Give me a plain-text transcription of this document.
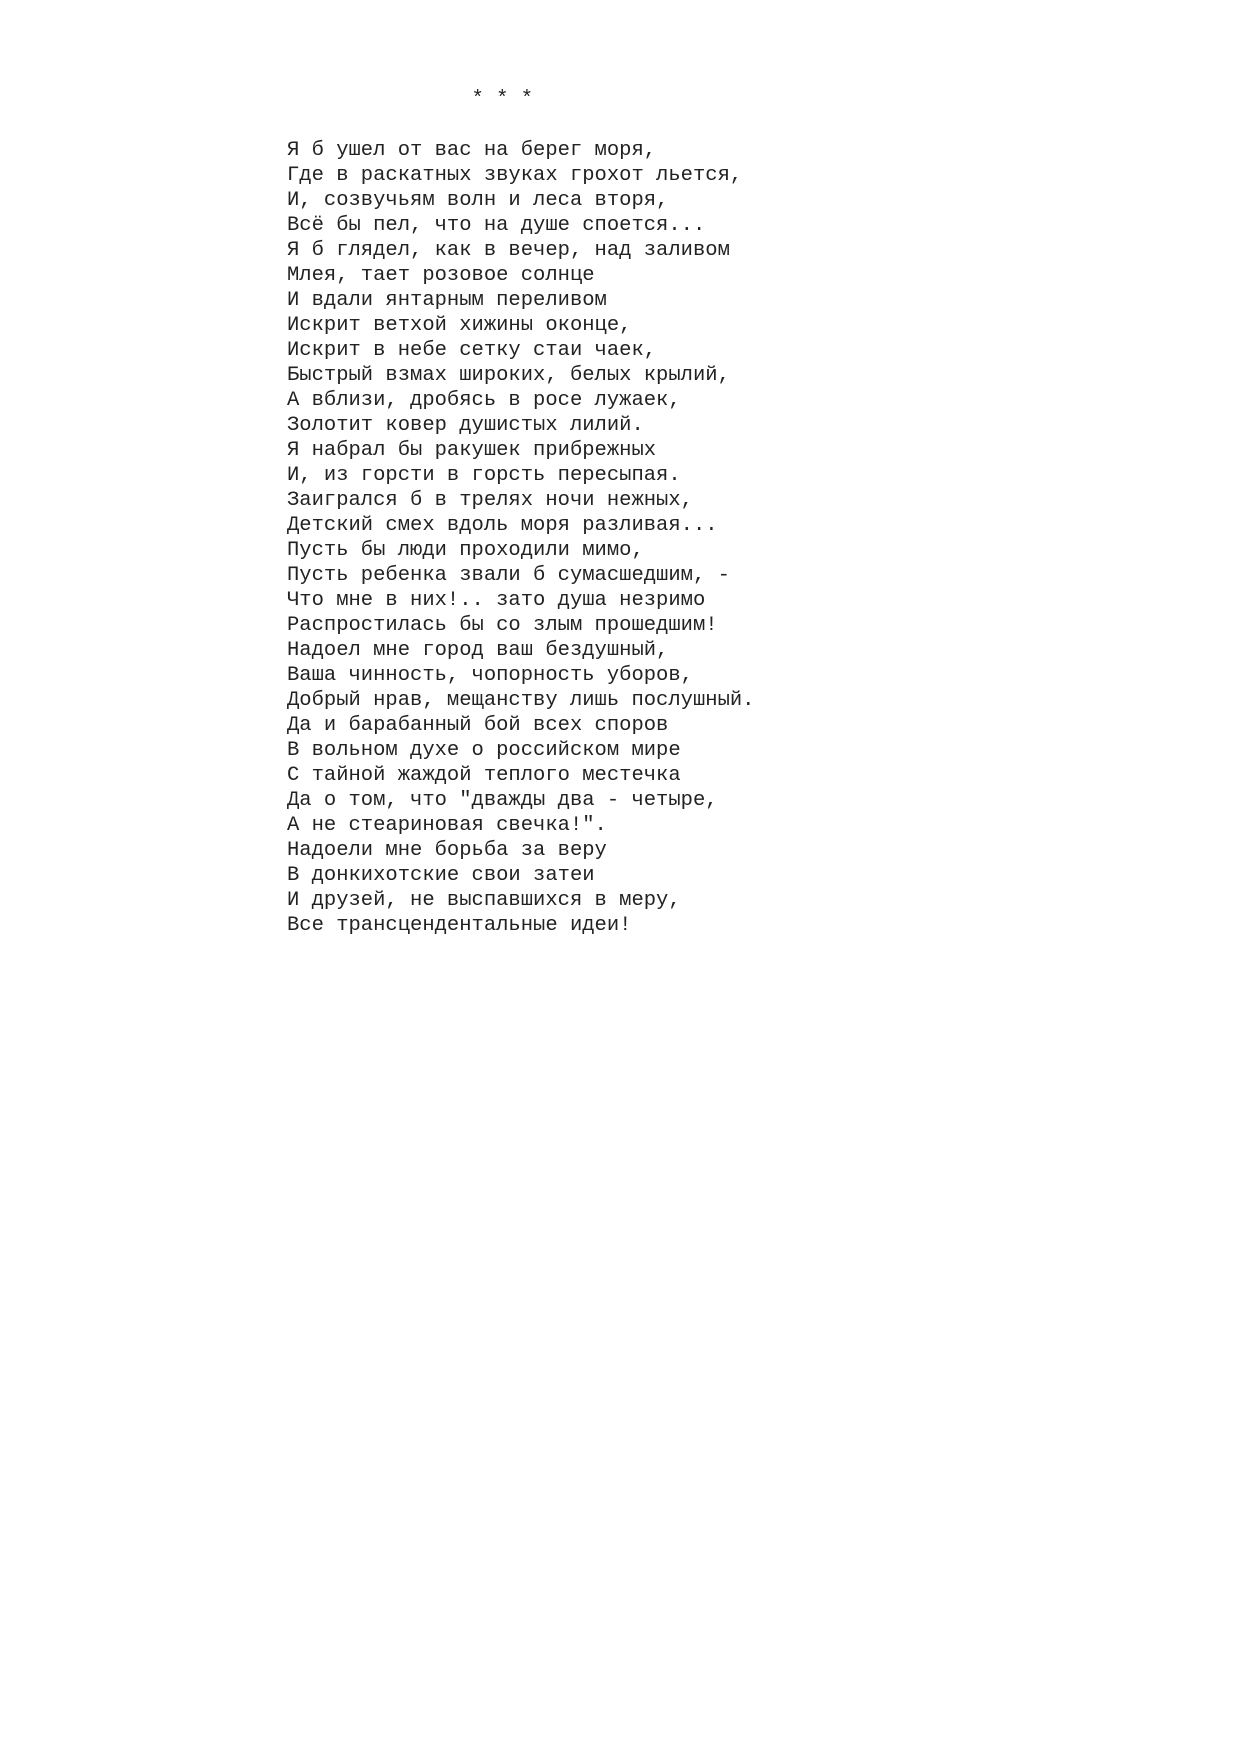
* * *
Я б ушел от вас на берег моря,
Где в раскатных звуках грохот льется,
И, созвучьям волн и леса вторя,
Всё бы пел, что на душе споется...
Я б глядел, как в вечер, над заливом
Млея, тает розовое солнце
И вдали янтарным переливом
Искрит ветхой хижины оконце,
Искрит в небе сетку стаи чаек,
Быстрый взмах широких, белых крылий,
А вблизи, дробясь в росе лужаек,
Золотит ковер душистых лилий.
Я набрал бы ракушек прибрежных
И, из горсти в горсть пересыпая.
Заигрался б в трелях ночи нежных,
Детский смех вдоль моря разливая...
Пусть бы люди проходили мимо,
Пусть ребенка звали б сумасшедшим, -
Что мне в них!.. зато душа незримо
Распростилась бы со злым прошедшим!
Надоел мне город ваш бездушный,
Ваша чинность, чопорность уборов,
Добрый нрав, мещанству лишь послушный.
Да и барабанный бой всех споров
В вольном духе о российском мире
С тайной жаждой теплого местечка
Да о том, что "дважды два - четыре,
А не стеариновая свечка!".
Надоели мне борьба за веру
В донкихотские свои затеи
И друзей, не выспавшихся в меру,
Все трансцендентальные идеи!
